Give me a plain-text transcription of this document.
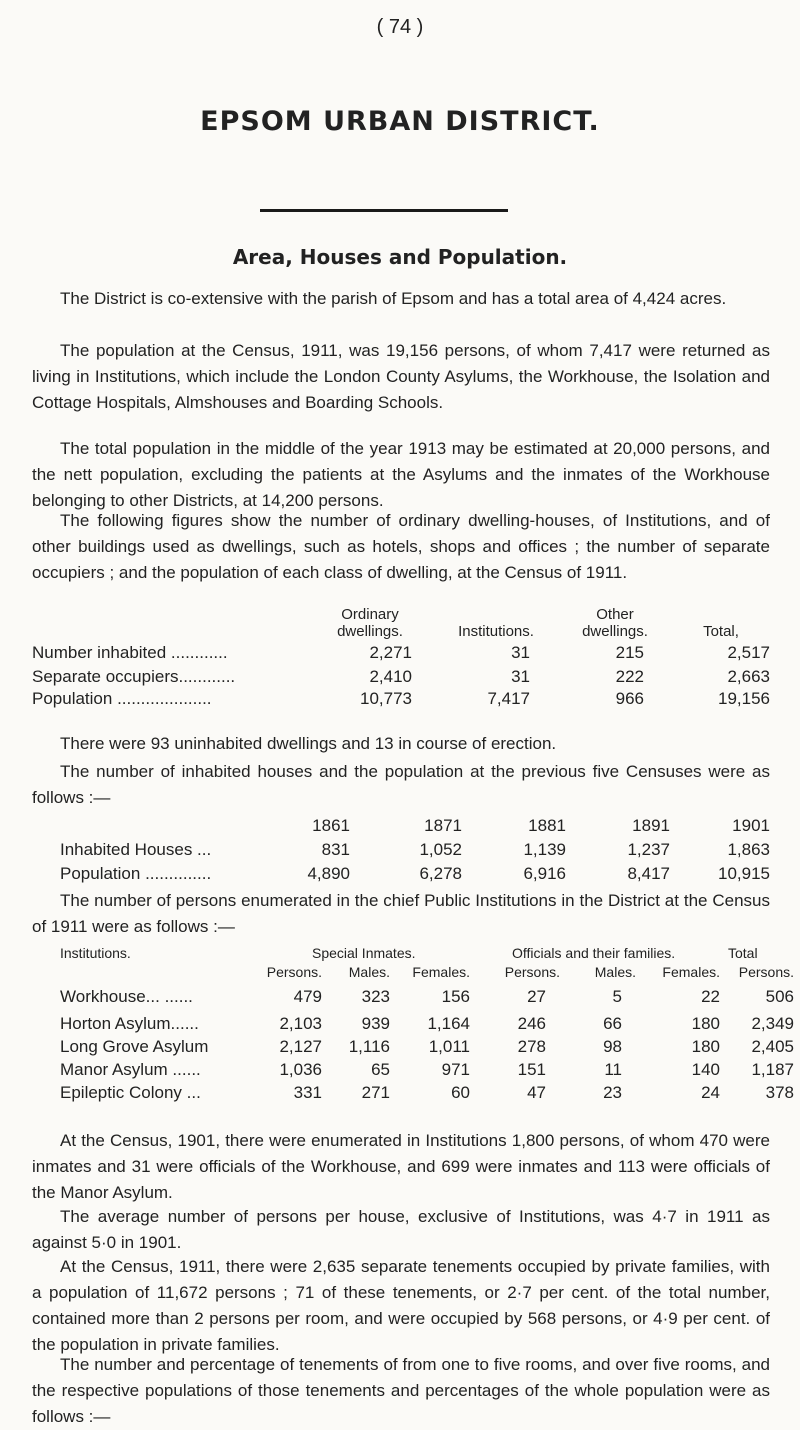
( 74 )
EPSOM URBAN DISTRICT.
Area, Houses and Population.

The District is co-extensive with the parish of Epsom and has a total area of 4,424 acres.

The population at the Census, 1911, was 19,156 persons, of whom 7,417 were returned as living in Institutions, which include the London County Asylums, the Workhouse, the Isolation and Cottage Hospitals, Almshouses and Boarding Schools.

The total population in the middle of the year 1913 may be estimated at 20,000 persons, and the nett population, excluding the patients at the Asylums and the inmates of the Workhouse belonging to other Districts, at 14,200 persons.

The following figures show the number of ordinary dwelling-houses, of Institutions, and of other buildings used as dwellings, such as hotels, shops and offices ; the number of separate occupiers ; and the population of each class of dwelling, at the Census of 1911.

	Ordinary
dwellings.	Institutions.	Other
dwellings.	Total,
Number inhabited ............	2,271	31	215	2,517
Separate occupiers............	2,410	31	222	2,663
Population ....................	10,773	7,417	966	19,156

There were 93 uninhabited dwellings and 13 in course of erection.

The number of inhabited houses and the population at the previous five Censuses were as follows :—

	1861	1871	1881	1891	1901
Inhabited Houses ...	831	1,052	1,139	1,237	1,863
Population ..............	4,890	6,278	6,916	8,417	10,915

The number of persons enumerated in the chief Public Institutions in the District at the Census of 1911 were as follows :—

Institutions.	Special Inmates.	Officials and their families.	Total
	Persons.	Males.	Females.	Persons.	Males.	Females.	Persons.
Workhouse... ......	479	323	156	27	5	22	506
Horton Asylum......	2,103	939	1,164	246	66	180	2,349
Long Grove Asylum	2,127	1,116	1,011	278	98	180	2,405
Manor Asylum ......	1,036	65	971	151	11	140	1,187
Epileptic Colony ...	331	271	60	47	23	24	378

At the Census, 1901, there were enumerated in Institutions 1,800 persons, of whom 470 were inmates and 31 were officials of the Workhouse, and 699 were inmates and 113 were officials of the Manor Asylum.

The average number of persons per house, exclusive of Institutions, was 4·7 in 1911 as against 5·0 in 1901.

At the Census, 1911, there were 2,635 separate tenements occupied by private families, with a population of 11,672 persons ; 71 of these tenements, or 2·7 per cent. of the total number, contained more than 2 persons per room, and were occupied by 568 persons, or 4·9 per cent. of the population in private families.

The number and percentage of tenements of from one to five rooms, and over five rooms, and the respective populations of those tenements and percentages of the whole population were as follows :—
